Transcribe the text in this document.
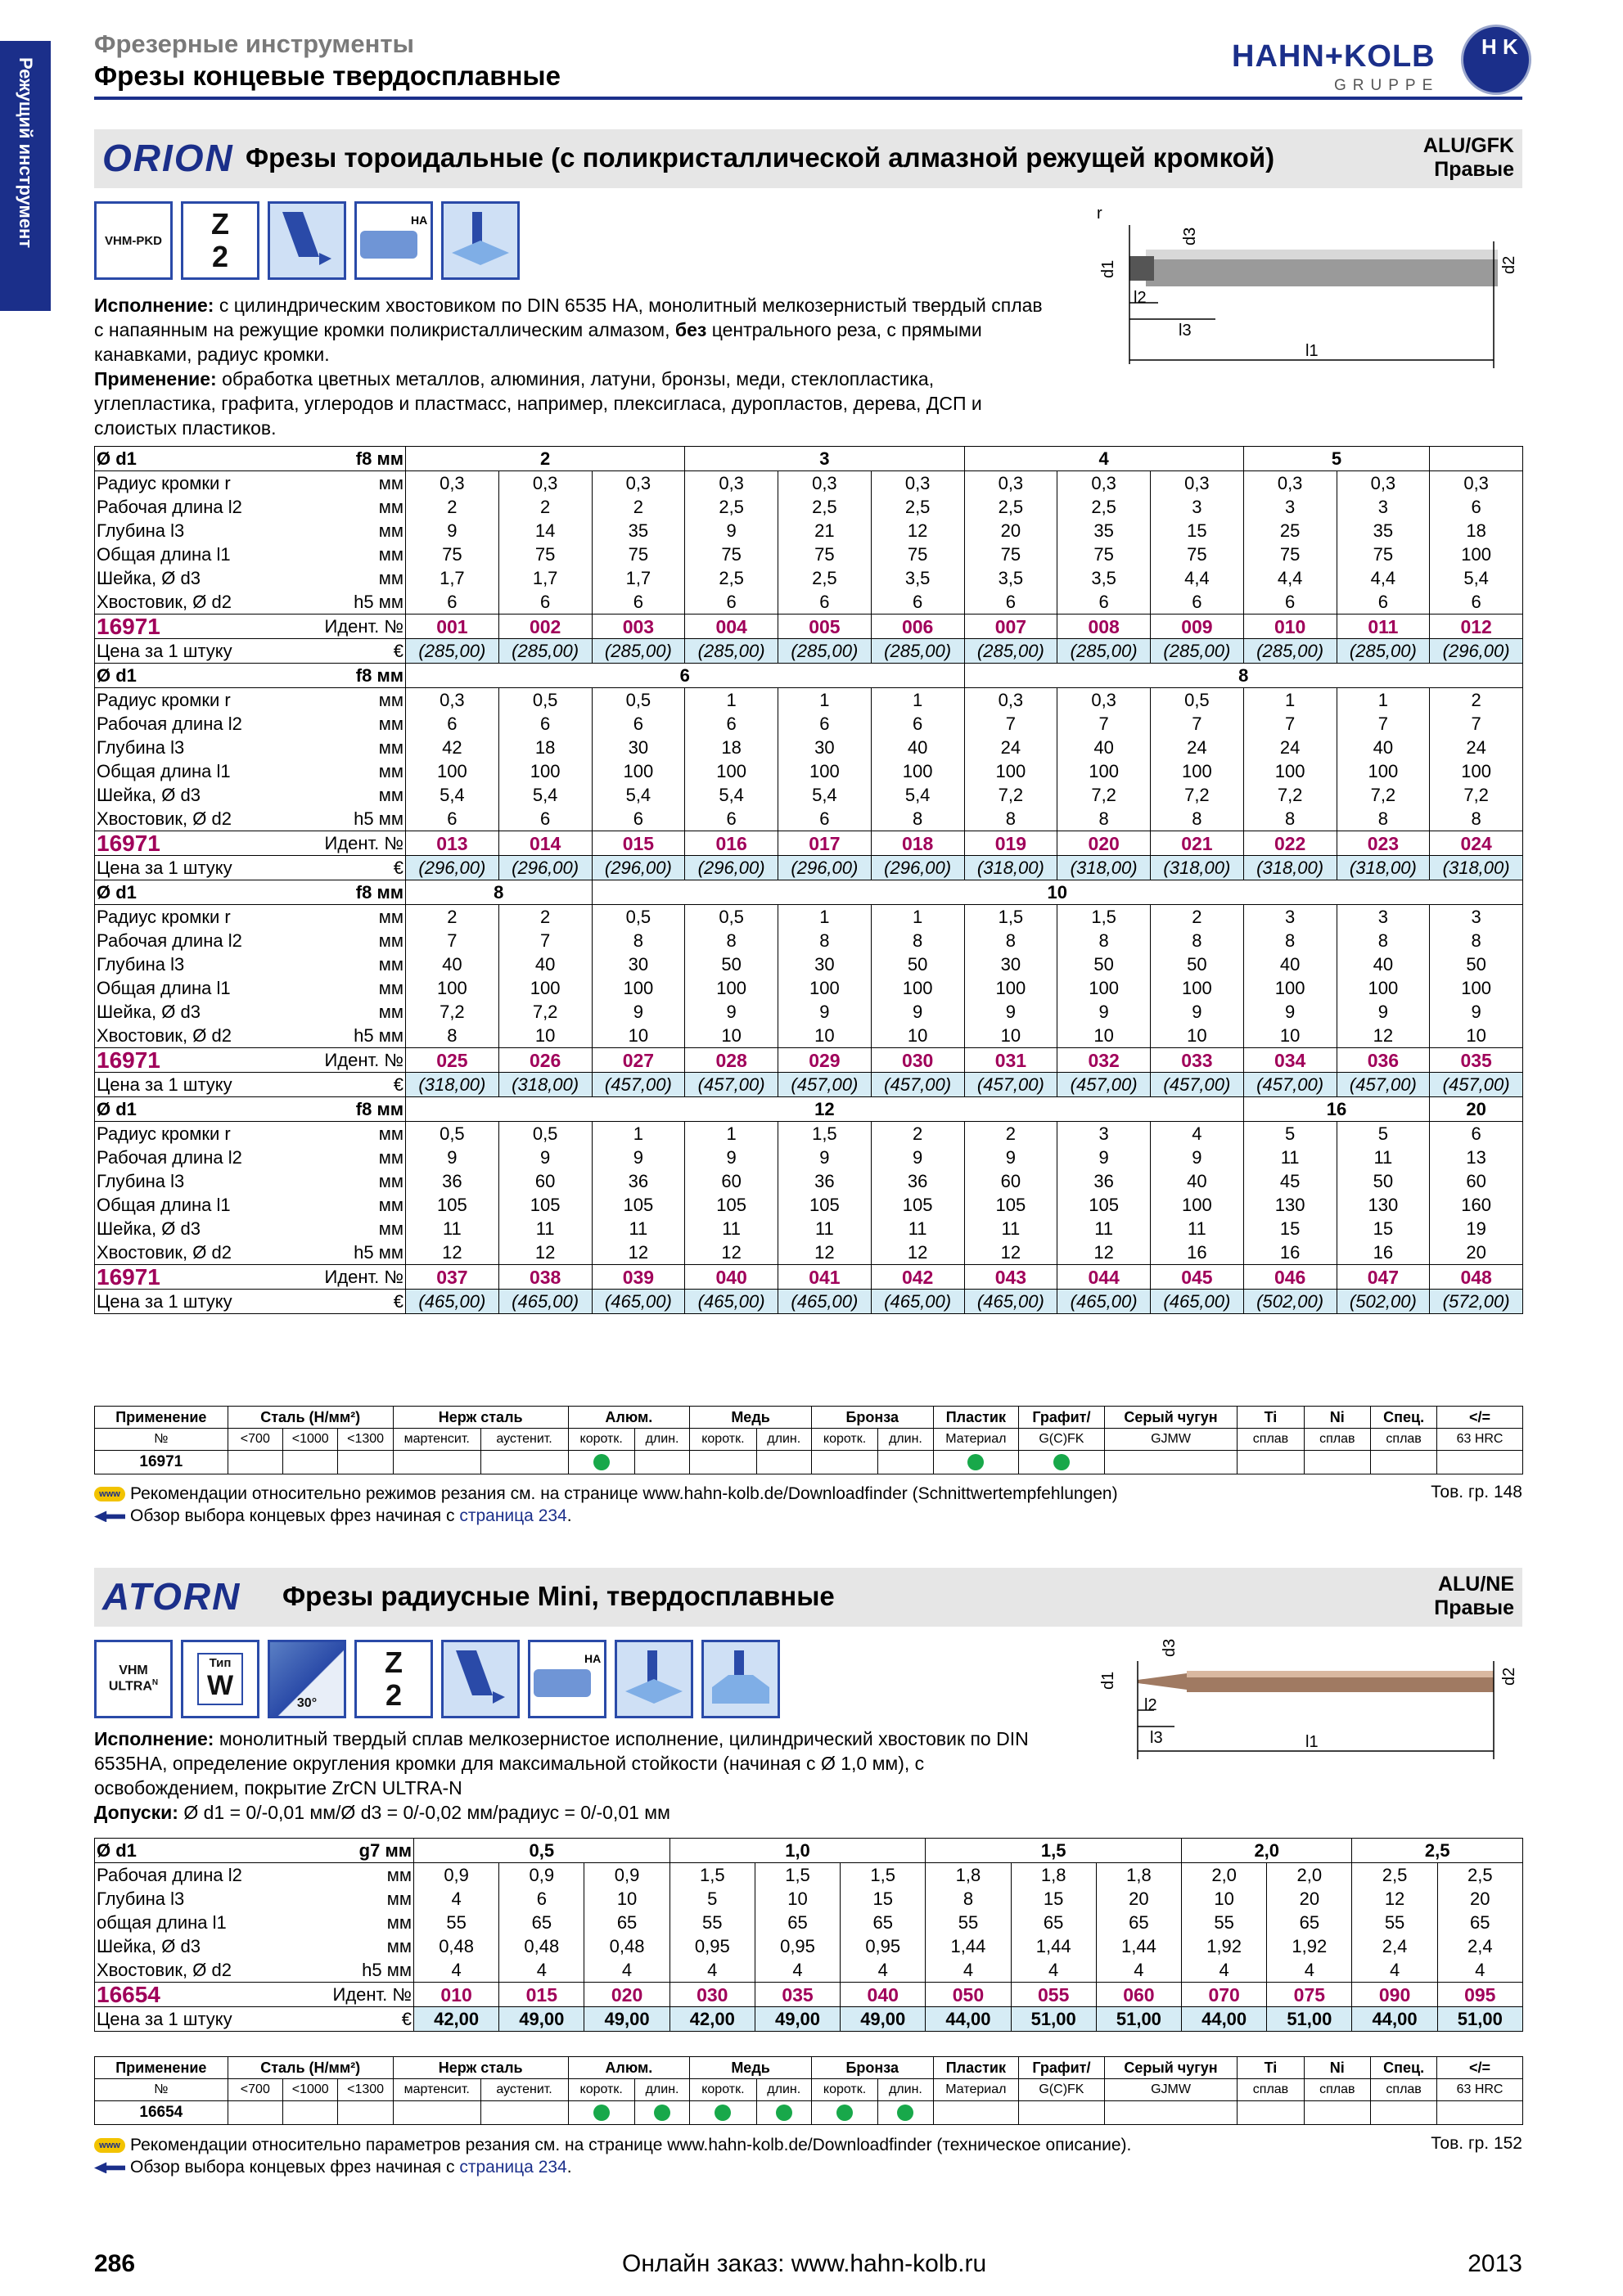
Режущий инструмент
Фрезерные инструменты
Фрезы концевые твердосплавные
HAHN+KOLB
GRUPPE
H K
ORION Фрезы тороидальные (с поликристаллической алмазной режущей кромкой)	ALU/GFK
Правые
VHM-PKD	Z
2
HA	r
d1
d3
d2
l2
l3
l1
Исполнение: с цилиндрическим хвостовиком по DIN 6535 HA, монолитный мелкозернистый твердый сплав с напаянным на режущие кромки поликристаллическим алмазом, без центрального реза, с прямыми канавками, радиус кромки.
Применение: обработка цветных металлов, алюминия, латуни, бронзы, меди, стеклопластика, углепластика, графита, углеродов и пластмасс, например, плексигласа, дуропластов, дерева, ДСП и слоистых пластиков.
Ø d1	f8 мм	2			3			4			5		
Радиус кромки r	мм	0,3	0,3	0,3	0,3	0,3	0,3	0,3	0,3	0,3	0,3	0,3	0,3	
Рабочая длина l2	мм	2	2	2	2,5	2,5	2,5	2,5	2,5	3	3	3	6	
Глубина l3	мм	9	14	35	9	21	12	20	35	15	25	35	18	
Общая длина l1	мм	75	75	75	75	75	75	75	75	75	75	75	100	
Шейка, Ø d3	мм	1,7	1,7	1,7	2,5	2,5	3,5	3,5	3,5	4,4	4,4	4,4	5,4	
Хвостовик, Ø d2	h5 мм	6	6	6	6	6	6	6	6	6	6	6	6	
16971	Идент. №	001	002	003	004	005	006	007	008	009	010	011	012	
Цена за 1 штуку	€	(285,00)	(285,00)	(285,00)	(285,00)	(285,00)	(285,00)	(285,00)	(285,00)	(285,00)	(285,00)	(285,00)	(296,00)	
Ø d1	f8 мм	6						8						
Радиус кромки r	мм	0,3	0,5	0,5	1	1	1	0,3	0,3	0,5	1	1	2	
Рабочая длина l2	мм	6	6	6	6	6	6	7	7	7	7	7	7	
Глубина l3	мм	42	18	30	18	30	40	24	40	24	24	40	24	
Общая длина l1	мм	100	100	100	100	100	100	100	100	100	100	100	100	
Шейка, Ø d3	мм	5,4	5,4	5,4	5,4	5,4	5,4	7,2	7,2	7,2	7,2	7,2	7,2	
Хвостовик, Ø d2	h5 мм	6	6	6	6	6	8	8	8	8	8	8	8	
16971	Идент. №	013	014	015	016	017	018	019	020	021	022	023	024	
Цена за 1 штуку	€	(296,00)	(296,00)	(296,00)	(296,00)	(296,00)	(296,00)	(318,00)	(318,00)	(318,00)	(318,00)	(318,00)	(318,00)	
Ø d1	f8 мм	8		10										
Радиус кромки r	мм	2	2	0,5	0,5	1	1	1,5	1,5	2	3	3	3	
Рабочая длина l2	мм	7	7	8	8	8	8	8	8	8	8	8	8	
Глубина l3	мм	40	40	30	50	30	50	30	50	50	40	40	50	
Общая длина l1	мм	100	100	100	100	100	100	100	100	100	100	100	100	
Шейка, Ø d3	мм	7,2	7,2	9	9	9	9	9	9	9	9	9	9	
Хвостовик, Ø d2	h5 мм	8	10	10	10	10	10	10	10	10	10	12	10	
16971	Идент. №	025	026	027	028	029	030	031	032	033	034	036	035	
Цена за 1 штуку	€	(318,00)	(318,00)	(457,00)	(457,00)	(457,00)	(457,00)	(457,00)	(457,00)	(457,00)	(457,00)	(457,00)	(457,00)	
Ø d1	f8 мм	12									16		20	
Радиус кромки r	мм	0,5	0,5	1	1	1,5	2	2	3	4	5	5	6	
Рабочая длина l2	мм	9	9	9	9	9	9	9	9	9	11	11	13	
Глубина l3	мм	36	60	36	60	36	36	60	36	40	45	50	60	
Общая длина l1	мм	105	105	105	105	105	105	105	105	100	130	130	160	
Шейка, Ø d3	мм	11	11	11	11	11	11	11	11	11	15	15	19	
Хвостовик, Ø d2	h5 мм	12	12	12	12	12	12	12	12	16	16	16	20	
16971	Идент. №	037	038	039	040	041	042	043	044	045	046	047	048	
Цена за 1 штуку	€	(465,00)	(465,00)	(465,00)	(465,00)	(465,00)	(465,00)	(465,00)	(465,00)	(465,00)	(502,00)	(502,00)	(572,00)	
Применение	Сталь (Н/мм²)			Нерж сталь		Алюм.		Медь		Бронза		Пластик	Графит/	Серый чугун	Ti	Ni	Спец.	</=
№	<700	<1000	<1300	мартенсит.	аустенит.	коротк.	длин.	коротк.	длин.	коротк.	длин.	Материал	G(C)FK	GJMW	сплав	сплав	сплав	63 HRC
16971																		
www Рекомендации относительно режимов резания см. на странице www.hahn-kolb.de/Downloadfinder (Schnittwertempfehlungen)
Обзор выбора концевых фрез начиная с страница 234.
Тов. гр. 148
ATORN Фрезы радиусные Mini, твердосплавные	ALU/NE
Правые
VHM
$ULTRA^N$
Тип
W
30°
Z
2
HA
d1
d3
d2
l2
l3	l1
Исполнение: монолитный твердый сплав мелкозернистое исполнение, цилиндрический хвостовик по DIN 6535HA, определение округления кромки для максимальной стойкости (начиная с Ø 1,0 мм), с освобождением, покрытие ZrCN ULTRA-N
Допуски: Ø d1 = 0/-0,01 мм/Ø d3 = 0/-0,02 мм/радиус = 0/-0,01 мм
Ø d1	g7 мм	0,5			1,0			1,5			2,0		2,5	
Рабочая длина l2	мм	0,9	0,9	0,9	1,5	1,5	1,5	1,8	1,8	1,8	2,0	2,0	2,5	2,5
Глубина l3	мм	4	6	10	5	10	15	8	15	20	10	20	12	20
общая длина l1	мм	55	65	65	55	65	65	55	65	65	55	65	55	65
Шейка, Ø d3	мм	0,48	0,48	0,48	0,95	0,95	0,95	1,44	1,44	1,44	1,92	1,92	2,4	2,4
Хвостовик, Ø d2	h5 мм	4	4	4	4	4	4	4	4	4	4	4	4	4
16654	Идент. №	010	015	020	030	035	040	050	055	060	070	075	090	095
Цена за 1 штуку	€	42,00	49,00	49,00	42,00	49,00	49,00	44,00	51,00	51,00	44,00	51,00	44,00	51,00
Применение	Сталь (Н/мм²)			Нерж сталь		Алюм.		Медь		Бронза		Пластик	Графит/	Серый чугун	Ti	Ni	Спец.	</=
№	<700	<1000	<1300	мартенсит.	аустенит.	коротк.	длин.	коротк.	длин.	коротк.	длин.	Материал	G(C)FK	GJMW	сплав	сплав	сплав	63 HRC
16654																		
www Рекомендации относительно параметров резания см. на странице www.hahn-kolb.de/Downloadfinder (техническое описание).
Обзор выбора концевых фрез начиная с страница 234.
Тов. гр. 152
286	Онлайн заказ: www.hahn-kolb.ru	2013
